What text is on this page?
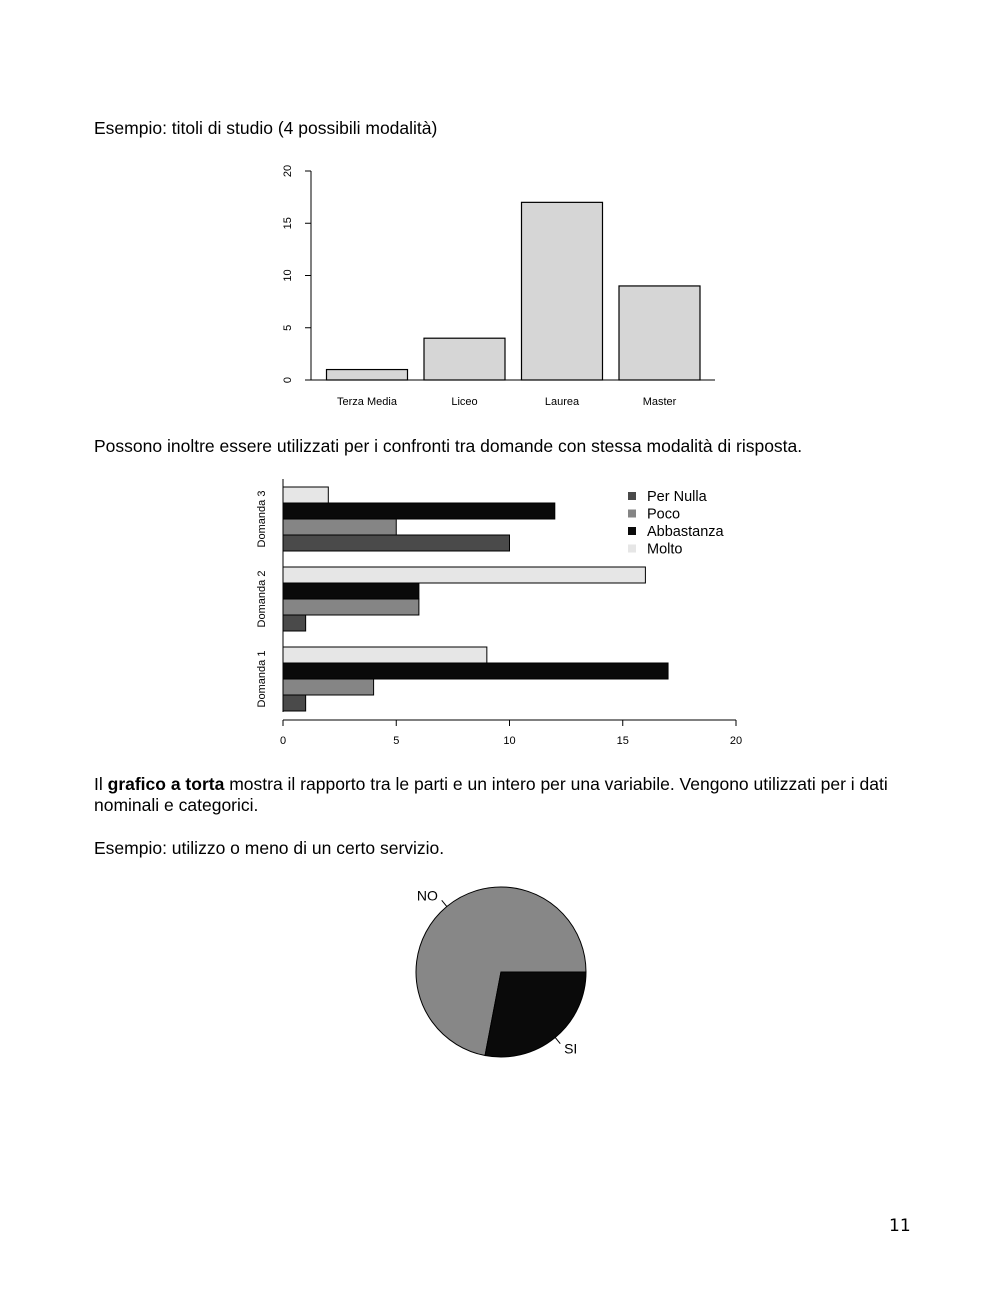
Esempio: titoli di studio (4 possibili modalità)

0
5
10
15
20
Terza Media	Liceo	Laurea	Master

Possono inoltre essere utilizzati per i confronti tra domande con stessa modalità di risposta.

0	5	10	15	20
Domanda 1
Domanda 2
Domanda 3	Per Nulla
Poco
Abbastanza
Molto

Il grafico a torta mostra il rapporto tra le parti e un intero per una variabile. Vengono utilizzati per i dati nominali e categorici.

Esempio: utilizzo o meno di un certo servizio.

NO
SI
11
